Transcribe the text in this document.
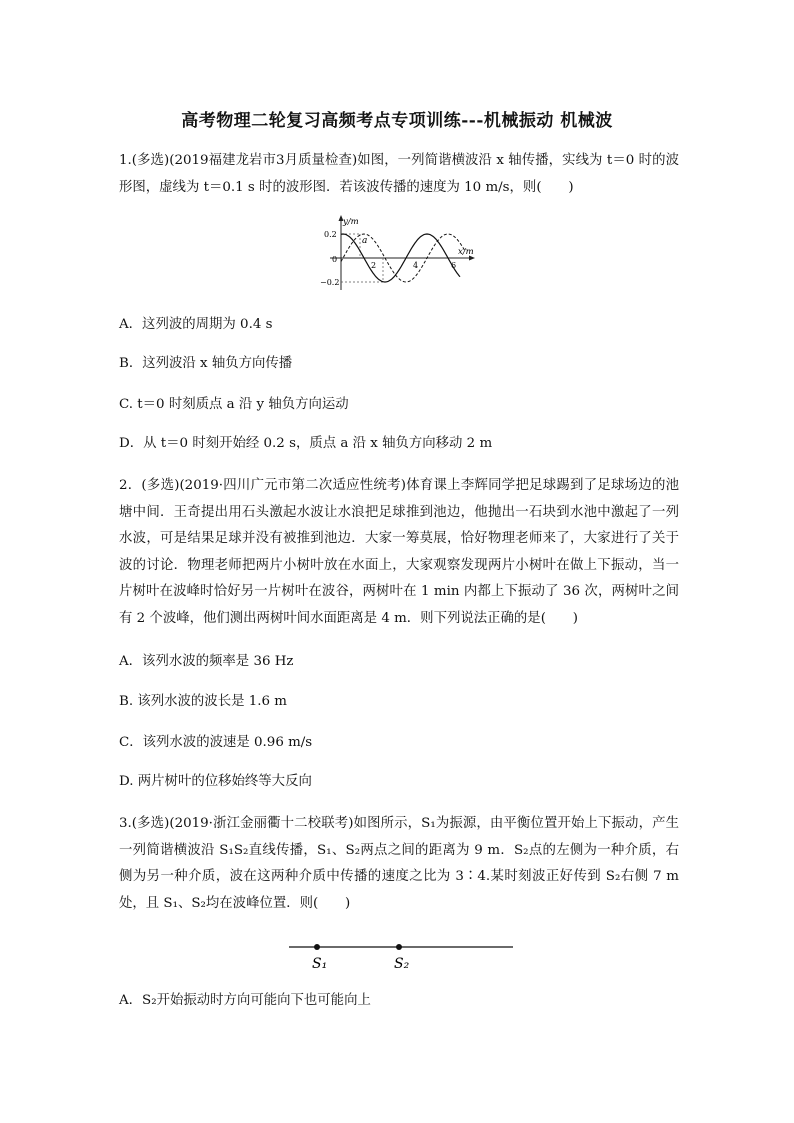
高考物理二轮复习高频考点专项训练---机械振动 机械波
1.(多选)(2019福建龙岩市3月质量检查)如图，一列简谐横波沿 x 轴传播，实线为 t＝0 时的波形图，虚线为 t＝0.1 s 时的波形图．若该波传播的速度为 10 m/s，则(　　)
y/m
x/m
0.2
0
−0.2
2	4	6
a
A．这列波的周期为 0.4 s
B．这列波沿 x 轴负方向传播
C. t＝0 时刻质点 a 沿 y 轴负方向运动
D．从 t＝0 时刻开始经 0.2 s，质点 a 沿 x 轴负方向移动 2 m
2．(多选)(2019·四川广元市第二次适应性统考)体育课上李辉同学把足球踢到了足球场边的池塘中间．王奇提出用石头激起水波让水浪把足球推到池边，他抛出一石块到水池中激起了一列水波，可是结果足球并没有被推到池边．大家一筹莫展，恰好物理老师来了，大家进行了关于波的讨论．物理老师把两片小树叶放在水面上，大家观察发现两片小树叶在做上下振动，当一片树叶在波峰时恰好另一片树叶在波谷，两树叶在 1 min 内都上下振动了 36 次，两树叶之间有 2 个波峰，他们测出两树叶间水面距离是 4 m．则下列说法正确的是(　　)
A．该列水波的频率是 36 Hz
B. 该列水波的波长是 1.6 m
C．该列水波的波速是 0.96 m/s
D. 两片树叶的位移始终等大反向
3.(多选)(2019·浙江金丽衢十二校联考)如图所示，S₁为振源，由平衡位置开始上下振动，产生一列简谐横波沿 S₁S₂直线传播，S₁、S₂两点之间的距离为 9 m．S₂点的左侧为一种介质，右侧为另一种介质，波在这两种介质中传播的速度之比为 3∶4.某时刻波正好传到 S₂右侧 7 m 处，且 S₁、S₂均在波峰位置．则(　　)
S₁	S₂
A．S₂开始振动时方向可能向下也可能向上
